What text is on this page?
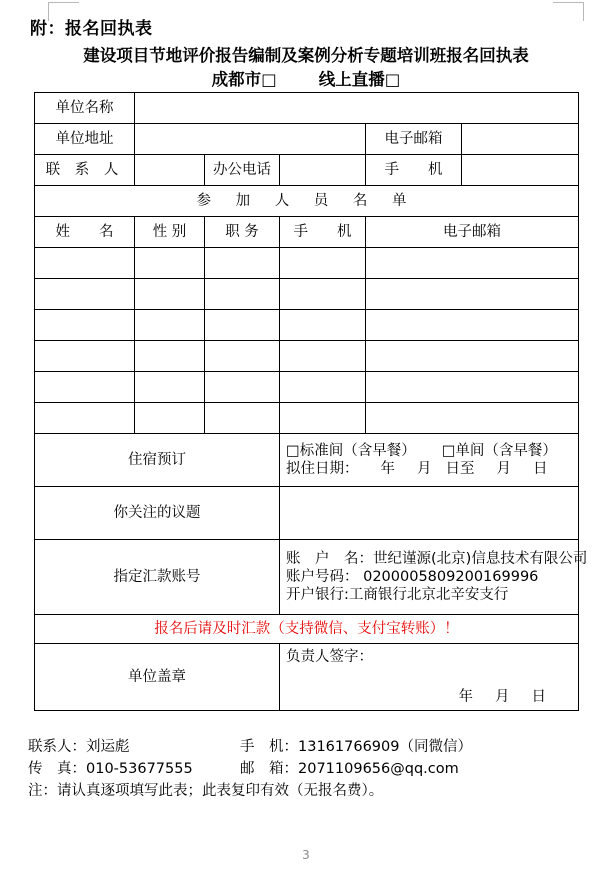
附：报名回执表
建设项目节地评价报告编制及案例分析专题培训班报名回执表
成都市□	线上直播□
单位名称					
单位地址				电子邮箱	
联 系 人		办公电话		手　　机	
参 加 人 员 名 单					
姓　　名	性 别	职 务	手　　机	电子邮箱	

住宿预订			□标准间（含早餐） □单间（含早餐）
拟住日期： 年 月 日至 月 日		

你关注的议题					
指定汇款账号			账　户　名：世纪谨源(北京)信息技术有限公司
账户号码： 0200005809200169996
开户银行:工商银行北京北辛安支行		

报名后请及时汇款（支持微信、支付宝转账）！					
单位盖章			负责人签字：
年 月 日		
联系人：刘运彪	手　机：13161766909（同微信）
传　真：010-53677555	邮　箱：2071109656@qq.com
注：请认真逐项填写此表；此表复印有效（无报名费）。
3
